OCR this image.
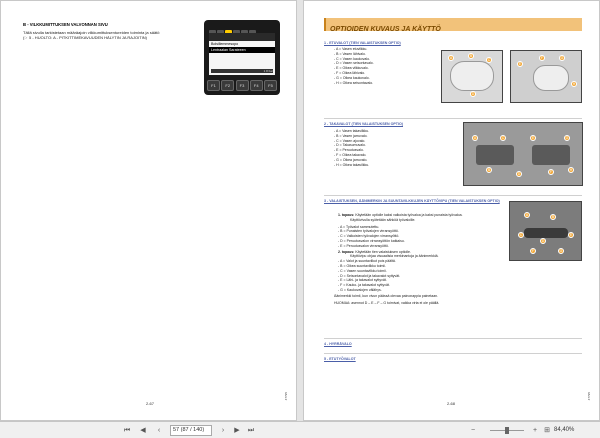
B - VILKKUMITTUKSEN VALVONNAN SIVU
Tällä sivulla tarkistetaan määräajoin vilkkumittuksentureiden toiminta ja säätö
(☞ 5 - HUOLTO: A - PITKITTIMEKAVUUDEN HÄLYTIN JA RAJOITIN)
Bolsillemmesopo
Lentraalan Sarateeen
1 8 bar
F1	F2	F3	F4	F5
2-67
47795
OPTIOIDEN KUVAUS JA KÄYTTÖ
1 - ETUVALOT (TIEN VALAISTUKSEN OPTIO)
- A = Vasen etuvilkku.
- B = Vasen lähivalo.
- C = Vasen kaukovalo.
- D = Vasen seisontavalo.
- E = Oikea vilkkuvalo.
- F = Oikea lähivalo.
- G = Oikea kaukovalo.
- H = Oikea seisontavalo.
A	B
C
D
E
F	G
H
2 - TAKAVALOT (TIEN VALAISTUKSEN OPTIO)
- A = Vasen takavilkku.
- B = Vasen jarruvalo.
- C = Vasen ajovalo.
- D = Takasumuvalo.
- E = Peruutusvalo.
- F = Oikea takavalo.
- G = Oikea jarruvalo.
- H = Oikea takavilkku.
A
B
C
D
E
F
G
H
3 - VALAISTUKSEN, ÄÄNIMERKIN JA SUUNTAVILKKUJEN KÄYTTÖVIPU (TIEN VALAISTUKSEN OPTIO)
1. tapaus: Käytetään optiolle kaksi valkoista työvaloa ja kaksi punaista työvaloa.
Käyttövivulla syötetään sähköä työvaloille.
- A = Työvalot sammutettu.
- B = Punaisten työvalojen virransyöttö.
- C = Valkoisten työvalojen virransyöttö.
- D = Peruutusvalon virransyöttön katkaisu.
- E = Peruutusvalon virransyöttö.
2. tapaus: Käytetään tien valaistuksen optiolle.
Käyttövipu ohjaa visuaalisia merkinantoja ja äänimerkkiä.
- A = Valot ja suuntavilkut pois päältä.
- B = Oikea suuntavilkku toimii.
- C = Vasen suuntavilkku toimii.
- D = Seisontavalot ja takavalot syttyvät.
- E = Lähi- ja takavalot syttyvät.
- F = Kauko- ja takavalot syttyvät.
- G = Kaukovalojen välähys.
Äänimerkki toimii, kun vivun päässä olevaa painonappia painetaan.
HUOMAA: asennot D – E – F – G toimivat, vaikka virta ei ole päällä.
A	B
C
D
E
F	G
4 - HYRRÄVALO
5 - ETUTYÖVALOT
2-68
47795
⏮	◀	‹	57 (87 / 140)	›	▶	⏭	−	+	⊞ 84,40%
